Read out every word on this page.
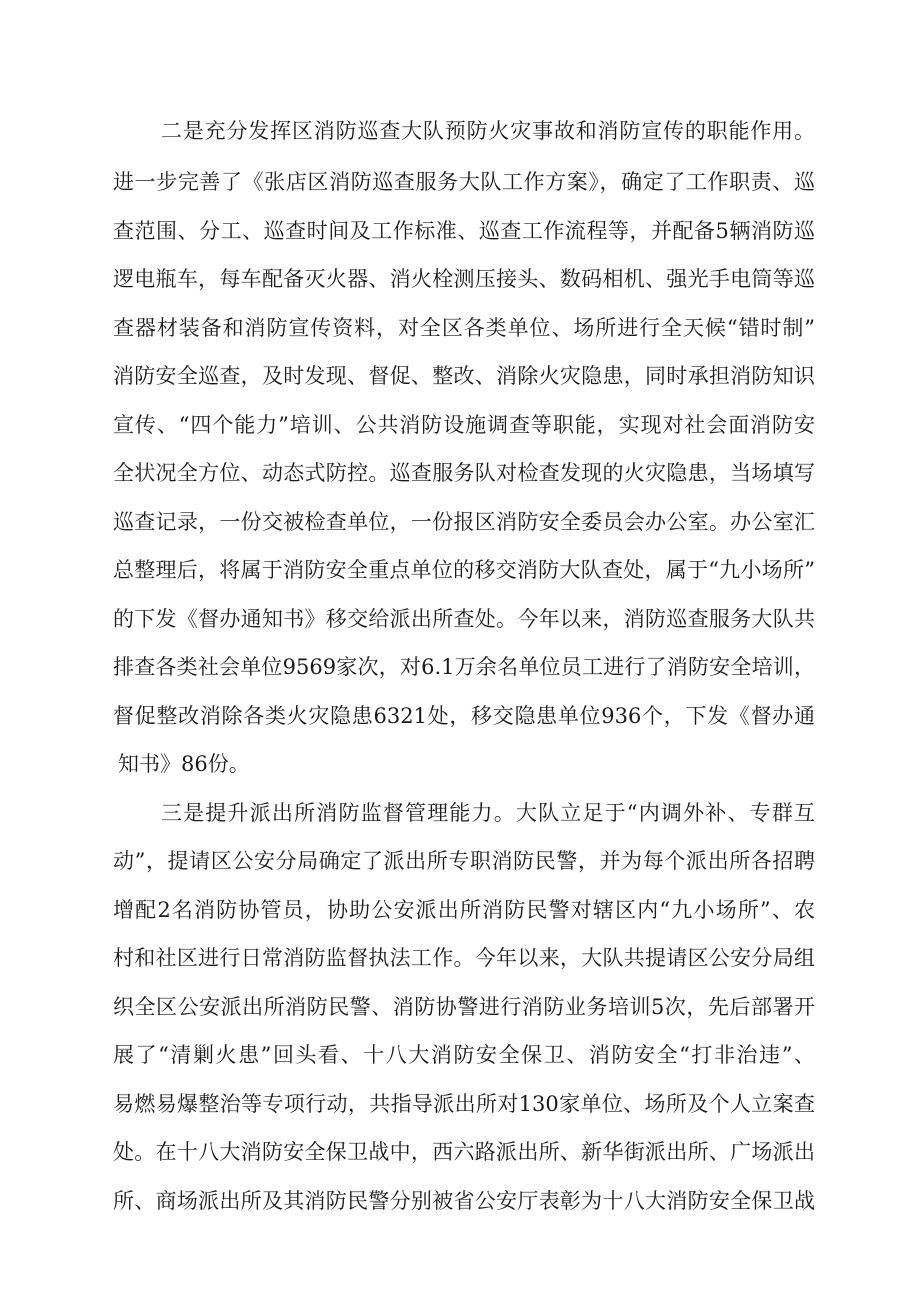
二是充分发挥区消防巡查大队预防火灾事故和消防宣传的职能作用。
进一步完善了《张店区消防巡查服务大队工作方案》，确定了工作职责、巡
查范围、分工、巡查时间及工作标准、巡查工作流程等，并配备5辆消防巡
逻电瓶车，每车配备灭火器、消火栓测压接头、数码相机、强光手电筒等巡
查器材装备和消防宣传资料，对全区各类单位、场所进行全天候“错时制”
消防安全巡查，及时发现、督促、整改、消除火灾隐患，同时承担消防知识
宣传、“四个能力”培训、公共消防设施调查等职能，实现对社会面消防安
全状况全方位、动态式防控。巡查服务队对检查发现的火灾隐患，当场填写
巡查记录，一份交被检查单位，一份报区消防安全委员会办公室。办公室汇
总整理后，将属于消防安全重点单位的移交消防大队查处，属于“九小场所”
的下发《督办通知书》移交给派出所查处。今年以来，消防巡查服务大队共
排查各类社会单位9569家次，对6.1万余名单位员工进行了消防安全培训，
督促整改消除各类火灾隐患6321处，移交隐患单位936个，下发《督办通
知书》86份。
三是提升派出所消防监督管理能力。大队立足于“内调外补、专群互
动”，提请区公安分局确定了派出所专职消防民警，并为每个派出所各招聘
增配2名消防协管员，协助公安派出所消防民警对辖区内“九小场所”、农
村和社区进行日常消防监督执法工作。今年以来，大队共提请区公安分局组
织全区公安派出所消防民警、消防协警进行消防业务培训5次，先后部署开
展了“清剿火患”回头看、十八大消防安全保卫、消防安全“打非治违”、
易燃易爆整治等专项行动，共指导派出所对130家单位、场所及个人立案查
处。在十八大消防安全保卫战中，西六路派出所、新华街派出所、广场派出
所、商场派出所及其消防民警分别被省公安厅表彰为十八大消防安全保卫战
